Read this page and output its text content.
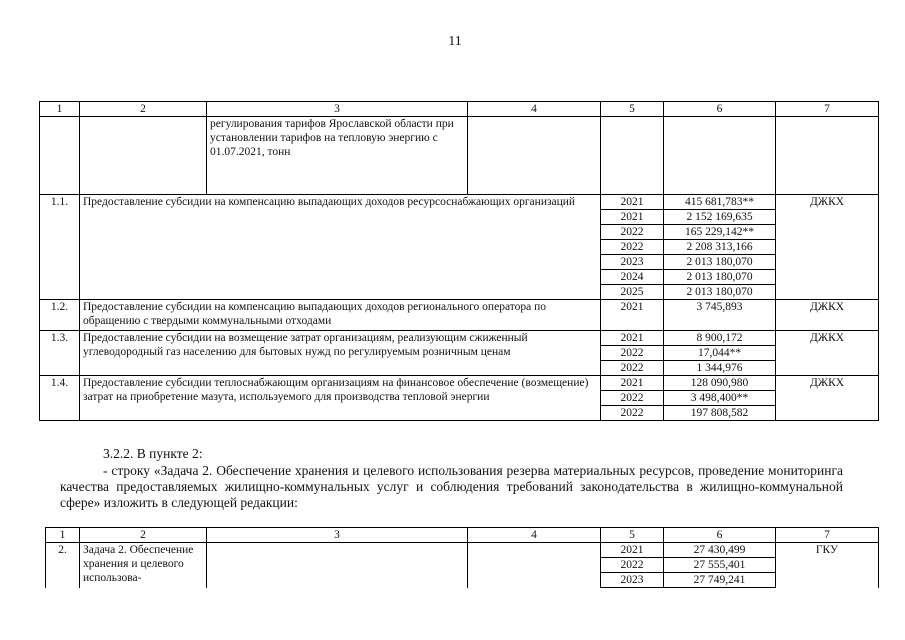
11
1	2	3	4	5	6	7
		регулирования тарифов Ярославской области при установлении тарифов на тепловую энергию с 01.07.2021, тонн				
1.1.	Предоставление субсидии на компенсацию выпадающих доходов ресурсоснабжающих организаций			2021	415 681,783**	ДЖКХ
				2021	2 152 169,635	
				2022	165 229,142**	
				2022	2 208 313,166	
				2023	2 013 180,070	
				2024	2 013 180,070	
				2025	2 013 180,070	
1.2.	Предоставление субсидии на компенсацию выпадающих доходов регионального оператора по обращению с твердыми коммунальными отходами			2021	3 745,893	ДЖКХ
1.3.	Предоставление субсидии на возмещение затрат организациям, реализующим сжиженный углеводородный газ населению для бытовых нужд по регулируемым розничным ценам			2021	8 900,172	ДЖКХ
				2022	17,044**	
				2022	1 344,976	
1.4.	Предоставление субсидии теплоснабжающим организациям на финансовое обеспечение (возмещение) затрат на приобретение мазута, используемого для производства тепловой энергии			2021	128 090,980	ДЖКХ
				2022	3 498,400**	
				2022	197 808,582	
3.2.2. В пункте 2:
- строку «Задача 2. Обеспечение хранения и целевого использования резерва материальных ресурсов, проведение мониторинга качества предоставляемых жилищно-коммунальных услуг и соблюдения требований законодательства в жилищно-коммунальной сфере» изложить в следующей редакции:
1	2	3	4	5	6	7
2.	Задача 2. Обеспечение хранения и целевого использова-			2021	27 430,499	ГКУ
				2022	27 555,401	
				2023	27 749,241	
